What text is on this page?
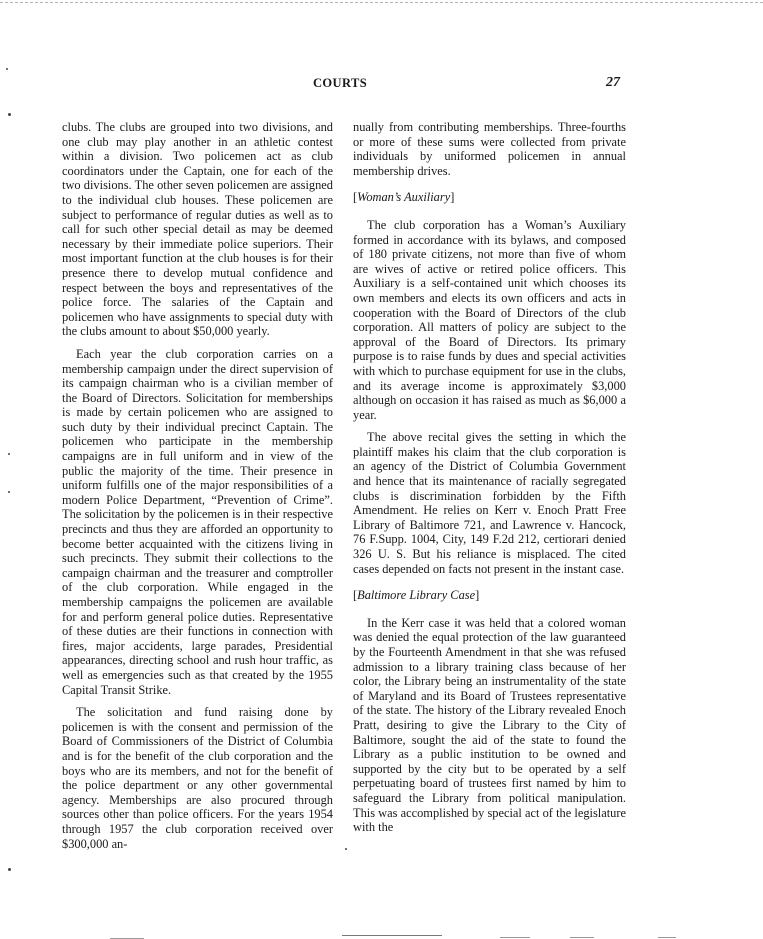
COURTS	27

clubs. The clubs are grouped into two divisions, and one club may play another in an athletic contest within a division. Two policemen act as club coordinators under the Captain, one for each of the two divisions. The other seven policemen are assigned to the individual club houses. These policemen are subject to performance of regular duties as well as to call for such other special detail as may be deemed necessary by their immediate police superiors. Their most important function at the club houses is for their presence there to develop mutual confidence and respect between the boys and representatives of the police force. The salaries of the Captain and policemen who have assignments to special duty with the clubs amount to about $50,000 yearly.

Each year the club corporation carries on a membership campaign under the direct supervision of its campaign chairman who is a civilian member of the Board of Directors. Solicitation for memberships is made by certain policemen who are assigned to such duty by their individual precinct Captain. The policemen who participate in the membership campaigns are in full uniform and in view of the public the majority of the time. Their presence in uniform fulfills one of the major responsibilities of a modern Police Department, “Prevention of Crime”. The solicitation by the policemen is in their respective precincts and thus they are afforded an opportunity to become better acquainted with the citizens living in such precincts. They submit their collections to the campaign chairman and the treasurer and comptroller of the club corporation. While engaged in the membership campaigns the policemen are available for and perform general police duties. Representative of these duties are their functions in connection with fires, major accidents, large parades, Presidential appearances, directing school and rush hour traffic, as well as emergencies such as that created by the 1955 Capital Transit Strike.

The solicitation and fund raising done by policemen is with the consent and permission of the Board of Commissioners of the District of Columbia and is for the benefit of the club corporation and the boys who are its members, and not for the benefit of the police department or any other governmental agency. Memberships are also procured through sources other than police officers. For the years 1954 through 1957 the club corporation received over $300,000 an-

nually from contributing memberships. Three-fourths or more of these sums were collected from private individuals by uniformed policemen in annual membership drives.

[Woman’s Auxiliary]

The club corporation has a Woman’s Auxiliary formed in accordance with its bylaws, and composed of 180 private citizens, not more than five of whom are wives of active or retired police officers. This Auxiliary is a self-contained unit which chooses its own members and elects its own officers and acts in cooperation with the Board of Directors of the club corporation. All matters of policy are subject to the approval of the Board of Directors. Its primary purpose is to raise funds by dues and special activities with which to purchase equipment for use in the clubs, and its average income is approximately $3,000 although on occasion it has raised as much as $6,000 a year.

The above recital gives the setting in which the plaintiff makes his claim that the club corporation is an agency of the District of Columbia Government and hence that its maintenance of racially segregated clubs is discrimination forbidden by the Fifth Amendment. He relies on Kerr v. Enoch Pratt Free Library of Baltimore 721, and Lawrence v. Hancock, 76 F.Supp. 1004, City, 149 F.2d 212, certiorari denied 326 U. S. But his reliance is misplaced. The cited cases depended on facts not present in the instant case.

[Baltimore Library Case]

In the Kerr case it was held that a colored woman was denied the equal protection of the law guaranteed by the Fourteenth Amendment in that she was refused admission to a library training class because of her color, the Library being an instrumentality of the state of Maryland and its Board of Trustees representative of the state. The history of the Library revealed Enoch Pratt, desiring to give the Library to the City of Baltimore, sought the aid of the state to found the Library as a public institution to be owned and supported by the city but to be operated by a self perpetuating board of trustees first named by him to safeguard the Library from political manipulation. This was accomplished by special act of the legislature with the
